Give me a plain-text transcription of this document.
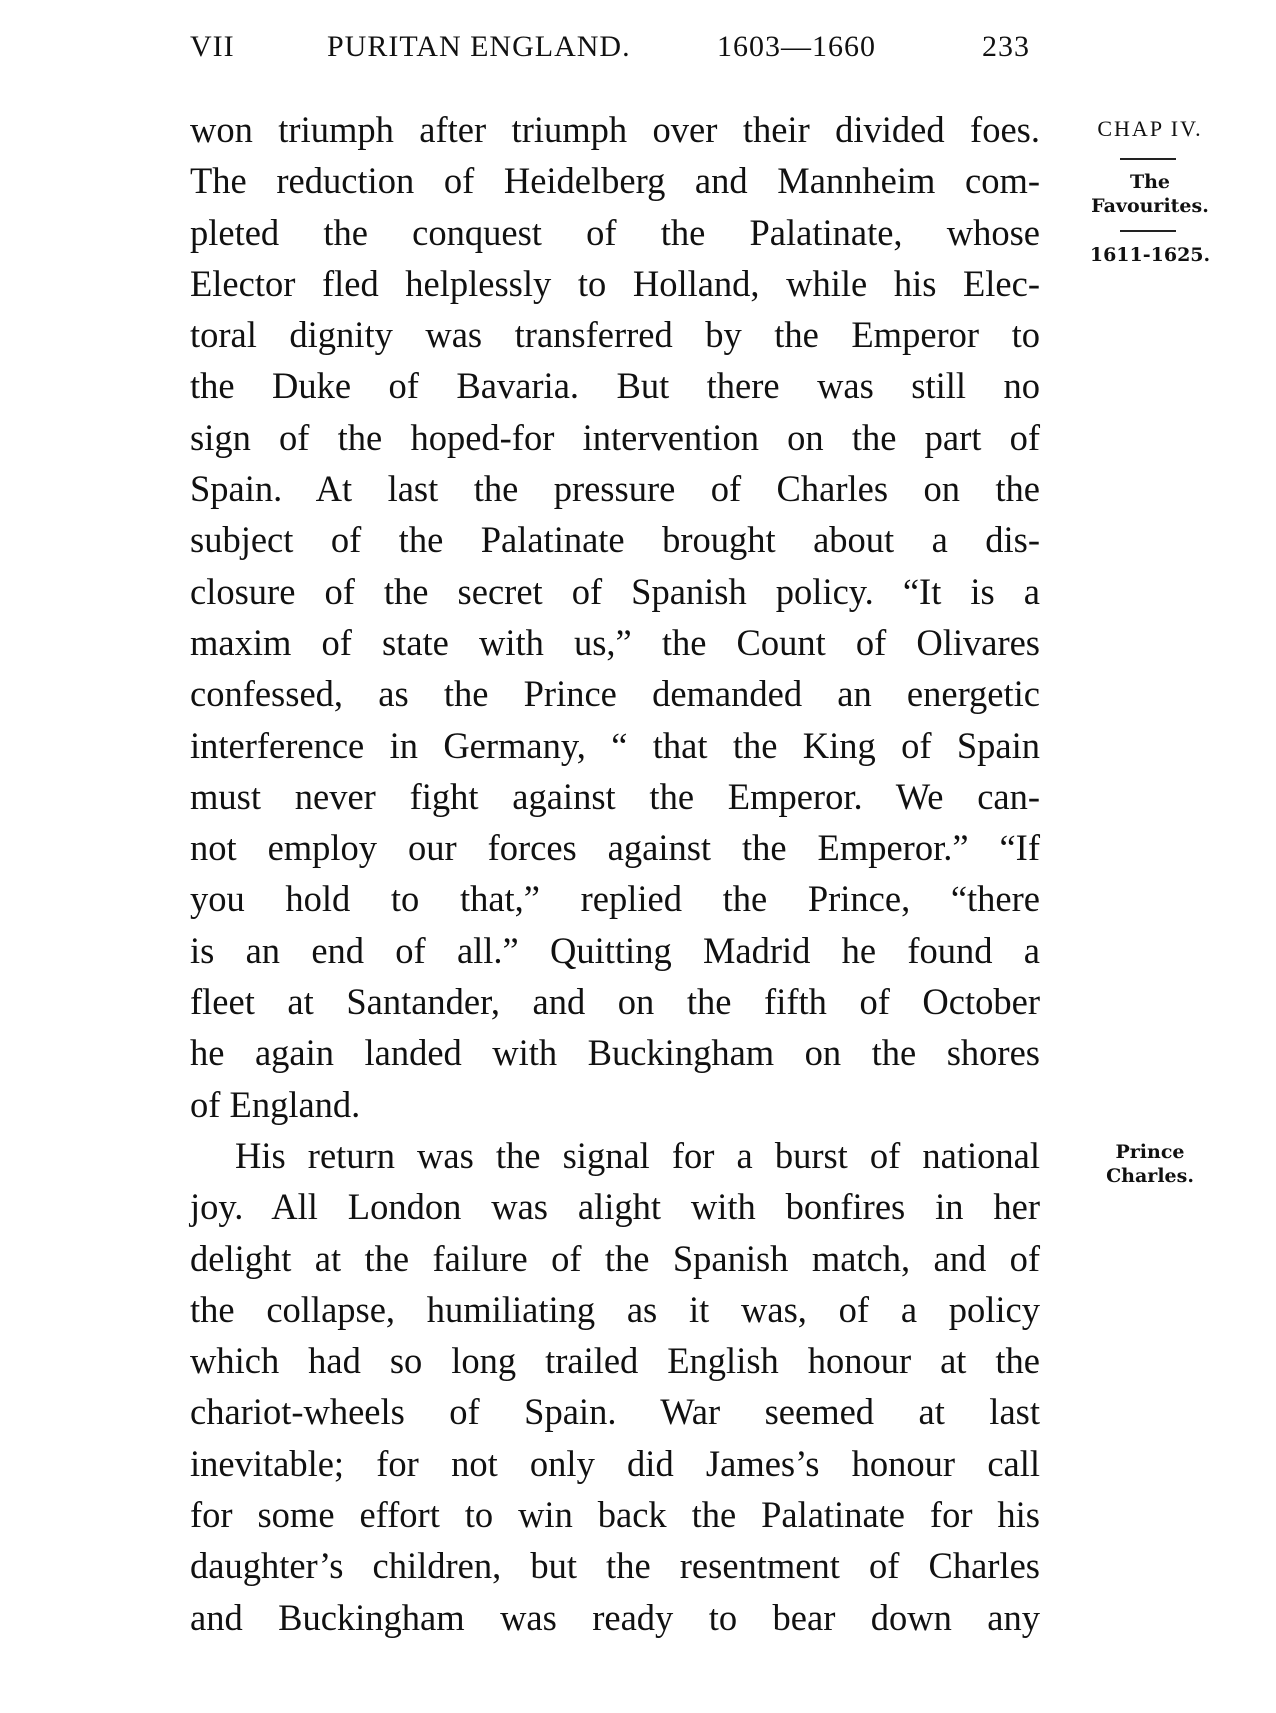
VII	PURITAN ENGLAND.	1603—1660	233
won triumph after triumph over their divided foes.
The reduction of Heidelberg and Mannheim com-
pleted the conquest of the Palatinate, whose
Elector fled helplessly to Holland, while his Elec-
toral dignity was transferred by the Emperor to
the Duke of Bavaria. But there was still no
sign of the hoped-for intervention on the part of
Spain. At last the pressure of Charles on the
subject of the Palatinate brought about a dis-
closure of the secret of Spanish policy. “It is a
maxim of state with us,” the Count of Olivares
confessed, as the Prince demanded an energetic
interference in Germany, “ that the King of Spain
must never fight against the Emperor. We can-
not employ our forces against the Emperor.” “If
you hold to that,” replied the Prince, “there
is an end of all.” Quitting Madrid he found a
fleet at Santander, and on the fifth of October
he again landed with Buckingham on the shores
of England.
His return was the signal for a burst of national
joy. All London was alight with bonfires in her
delight at the failure of the Spanish match, and of
the collapse, humiliating as it was, of a policy
which had so long trailed English honour at the
chariot-wheels of Spain. War seemed at last
inevitable; for not only did James’s honour call
for some effort to win back the Palatinate for his
daughter’s children, but the resentment of Charles
and Buckingham was ready to bear down any
CHAP IV.
The
Favourites.
1611-1625.
Prince
Charles.
